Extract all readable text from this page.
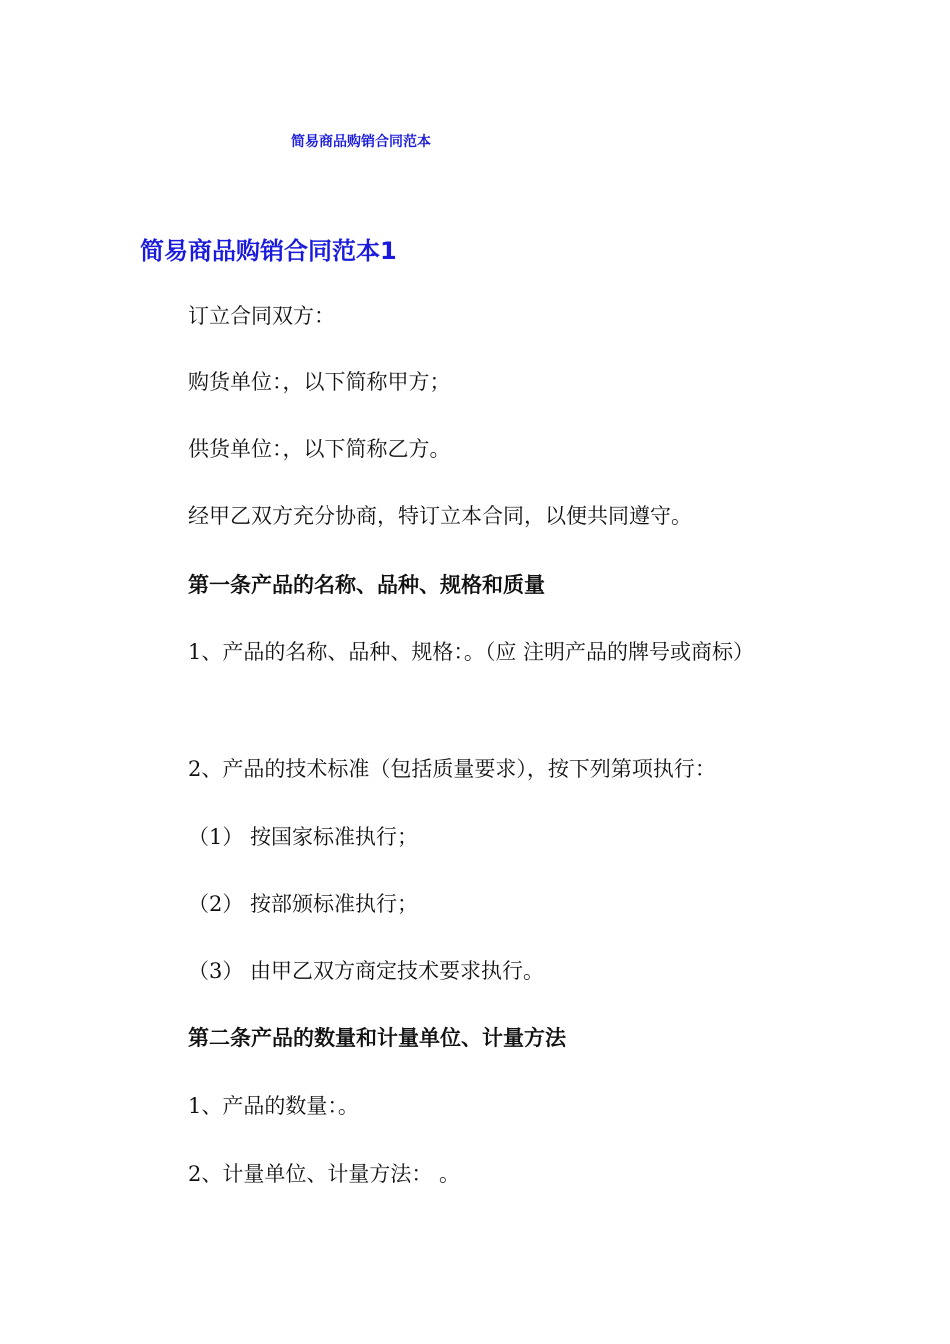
简易商品购销合同范本
简易商品购销合同范本1

订立合同双方：

购货单位：，以下简称甲方；

供货单位：，以下简称乙方。

经甲乙双方充分协商，特订立本合同，以便共同遵守。

第一条产品的名称、品种、规格和质量

1、产品的名称、品种、规格：。（应 注明产品的牌号或商标）

2、产品的技术标准（包括质量要求），按下列第项执行：

（1） 按国家标准执行；

（2） 按部颁标准执行；

（3） 由甲乙双方商定技术要求执行。

第二条产品的数量和计量单位、计量方法

1、产品的数量：。

2、计量单位、计量方法： 。
